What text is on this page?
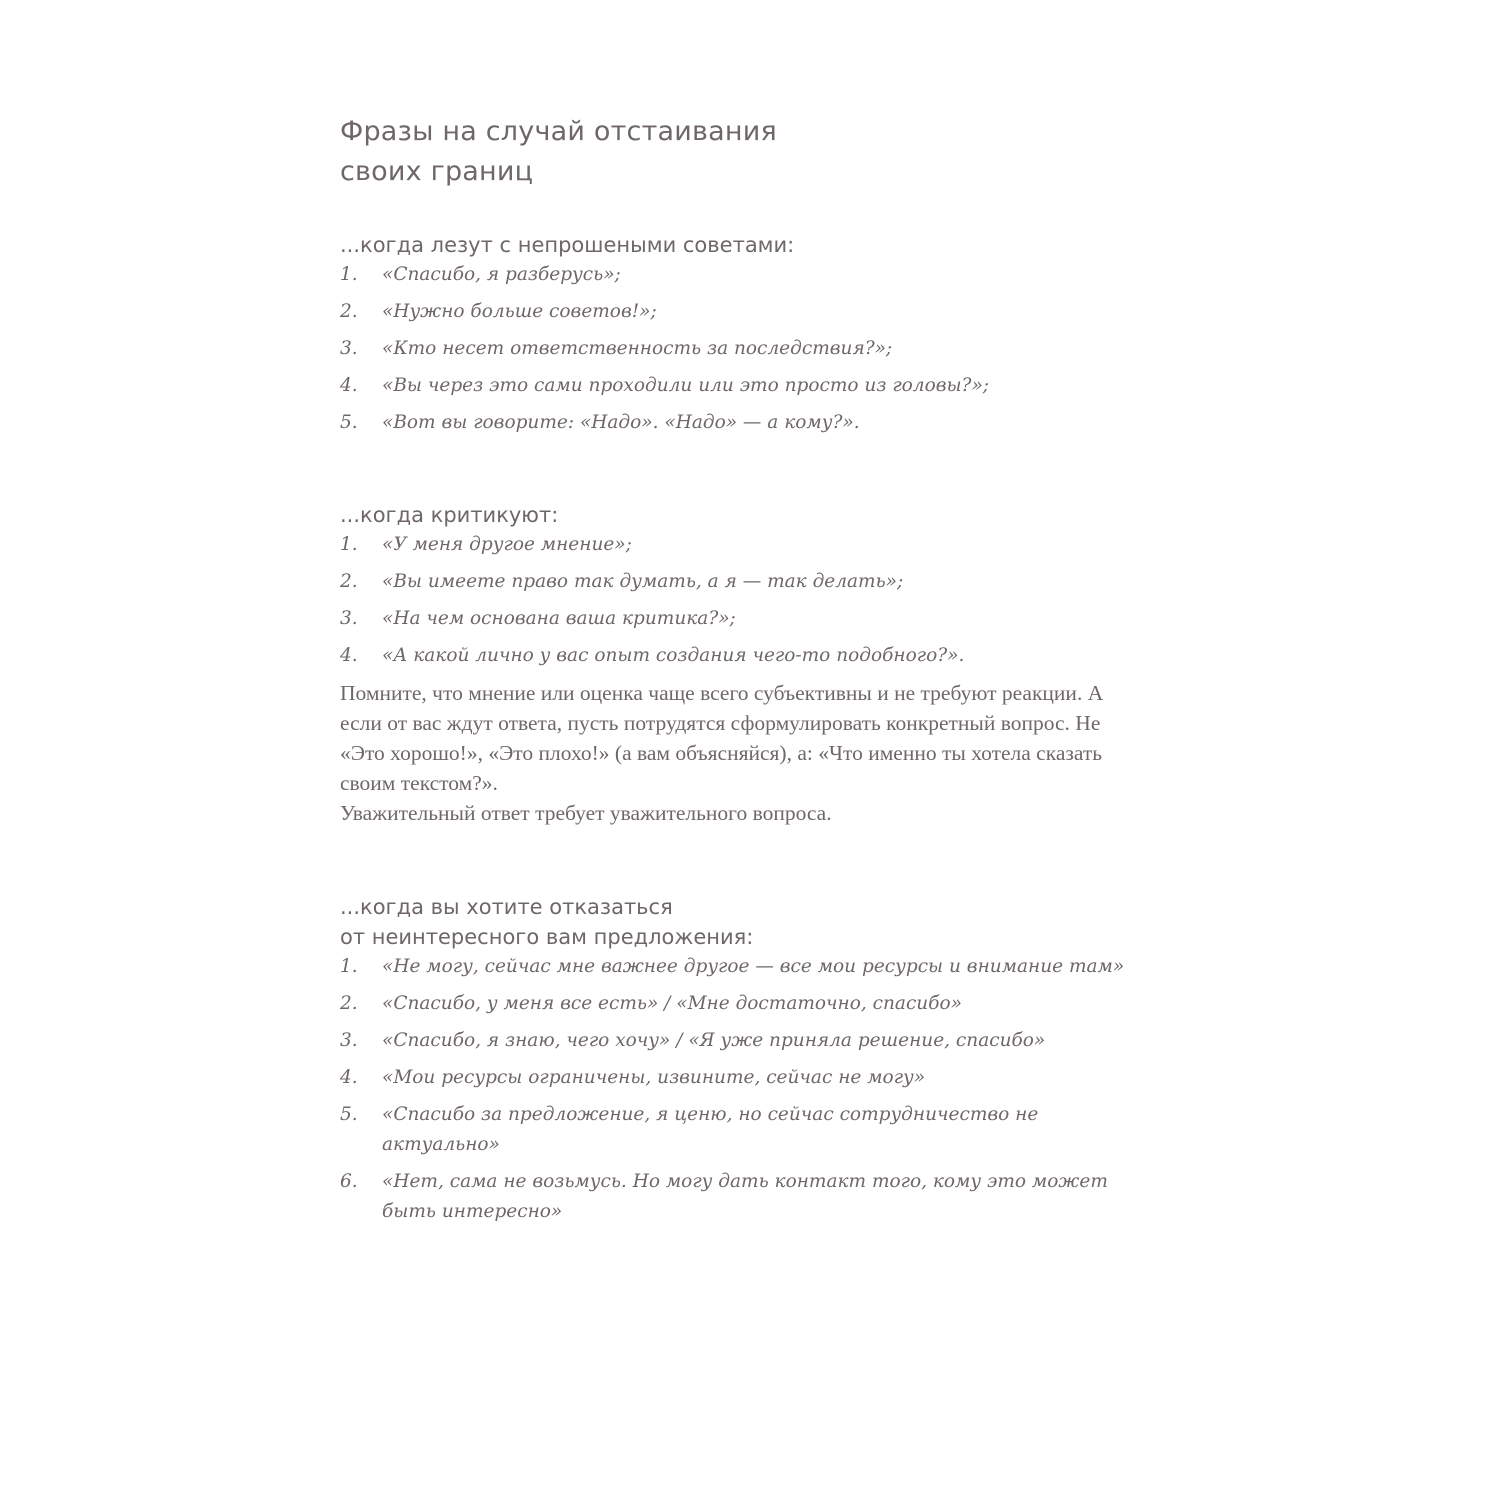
Фразы на случай отстаивания
своих границ
...когда лезут с непрошеными советами:
1.	«Спасибо, я разберусь»;
2.	«Нужно больше советов!»;
3.	«Кто несет ответственность за последствия?»;
4.	«Вы через это сами проходили или это просто из головы?»;
5.	«Вот вы говорите: «Надо». «Надо» — а кому?».
...когда критикуют:
1.	«У меня другое мнение»;
2.	«Вы имеете право так думать, а я — так делать»;
3.	«На чем основана ваша критика?»;
4.	«А какой лично у вас опыт создания чего-то подобного?».

Помните, что мнение или оценка чаще всего субъективны и не требуют реакции. А если от вас ждут ответа, пусть потрудятся сформулировать конкретный вопрос. Не «Это хорошо!», «Это плохо!» (а вам объясняйся), а: «Что именно ты хотела сказать своим текстом?».

Уважительный ответ требует уважительного вопроса.

...когда вы хотите отказаться
от неинтересного вам предложения:
1.	«Не могу, сейчас мне важнее другое — все мои ресурсы и внимание там»
2.	«Спасибо, у меня все есть» / «Мне достаточно, спасибо»
3.	«Спасибо, я знаю, чего хочу» / «Я уже приняла решение, спасибо»
4.	«Мои ресурсы ограничены, извините, сейчас не могу»
5.	«Спасибо за предложение, я ценю, но сейчас сотрудничество не актуально»
6.	«Нет, сама не возьмусь. Но могу дать контакт того, кому это может быть интересно»
